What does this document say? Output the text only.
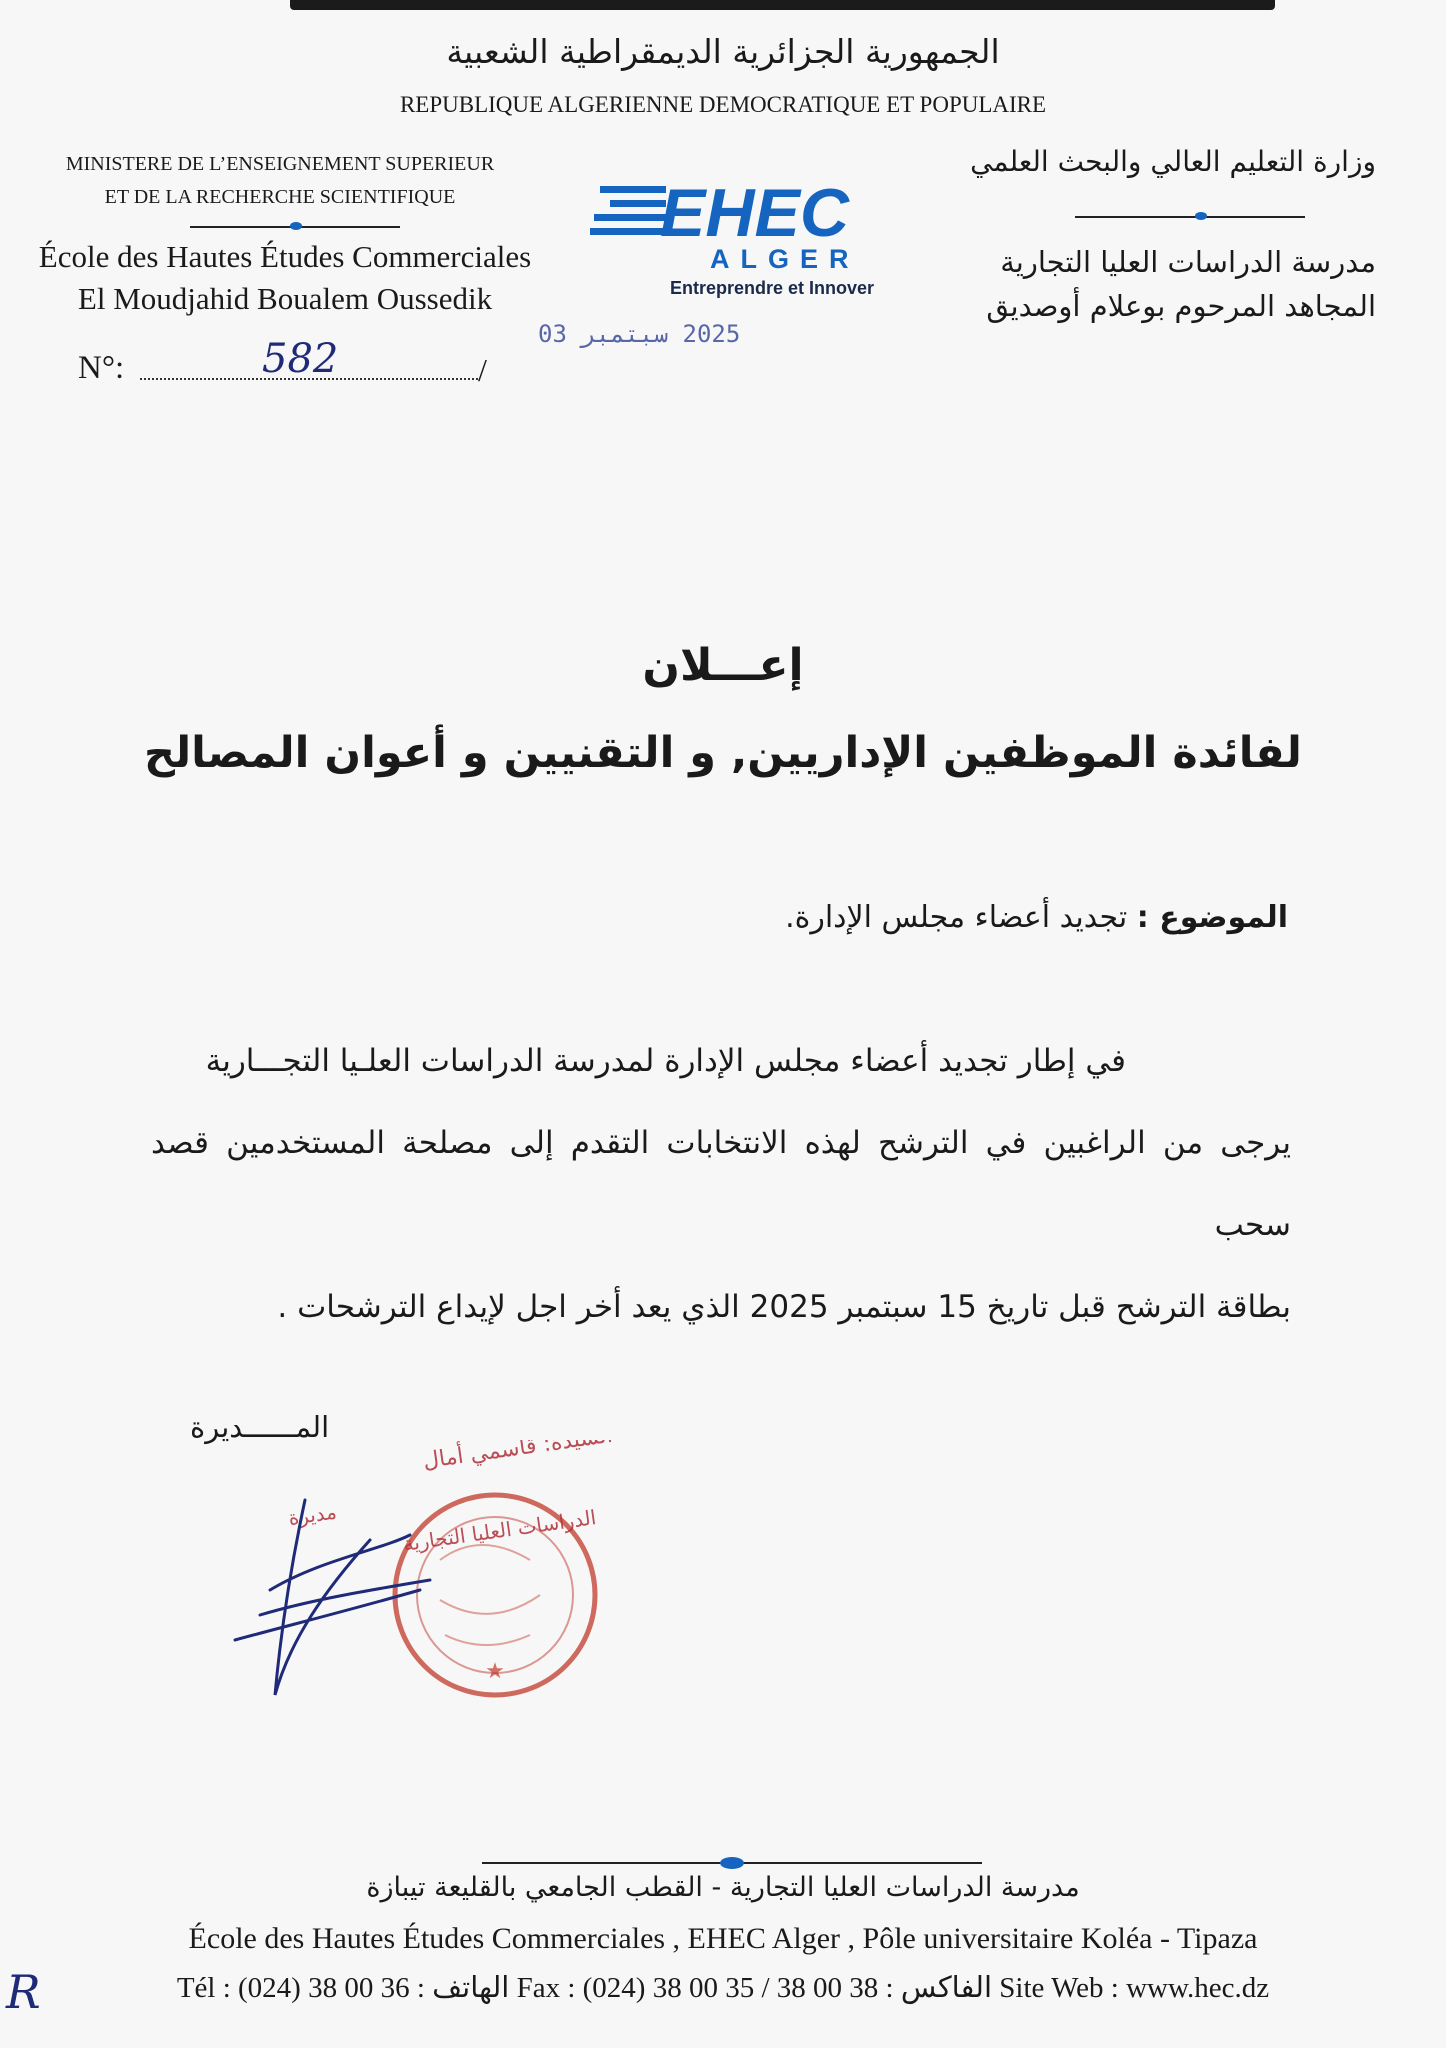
الجمهورية الجزائرية الديمقراطية الشعبية
REPUBLIQUE ALGERIENNE DEMOCRATIQUE ET POPULAIRE
MINISTERE DE L’ENSEIGNEMENT SUPERIEUR
ET DE LA RECHERCHE SCIENTIFIQUE
École des Hautes Études Commerciales
El Moudjahid Boualem Oussedik
وزارة التعليم العالي والبحث العلمي
مدرسة الدراسات العليا التجارية
المجاهد المرحوم بوعلام أوصديق
EHEC
ALGER
Entreprendre et Innover
N°:	582	/
2025 سبتمبر 03
إعـــلان
لفائدة الموظفين الإداريين, و التقنيين و أعوان المصالح
الموضوع : تجديد أعضاء مجلس الإدارة.

في إطار تجديد أعضاء مجلس الإدارة لمدرسة الدراسات العلـيا التجـــارية

يرجى من الراغبين في الترشح لهذه الانتخابات التقدم إلى مصلحة المستخدمين قصد سحب

بطاقة الترشح قبل تاريخ 15 سبتمبر 2025 الذي يعد أخر اجل لإيداع الترشحات .

المــــــديرة
★
السيدة: قاسمي أمال
مديرة	الدراسات العليا التجارية
مدرسة الدراسات العليا التجارية - القطب الجامعي بالقليعة تيبازة
École des Hautes Études Commerciales , EHEC Alger , Pôle universitaire Koléa - Tipaza
Tél : (024) 38 00 36 : الهاتف Fax : (024) 38 00 35 / 38 00 38 : الفاكس Site Web : www.hec.dz
R
